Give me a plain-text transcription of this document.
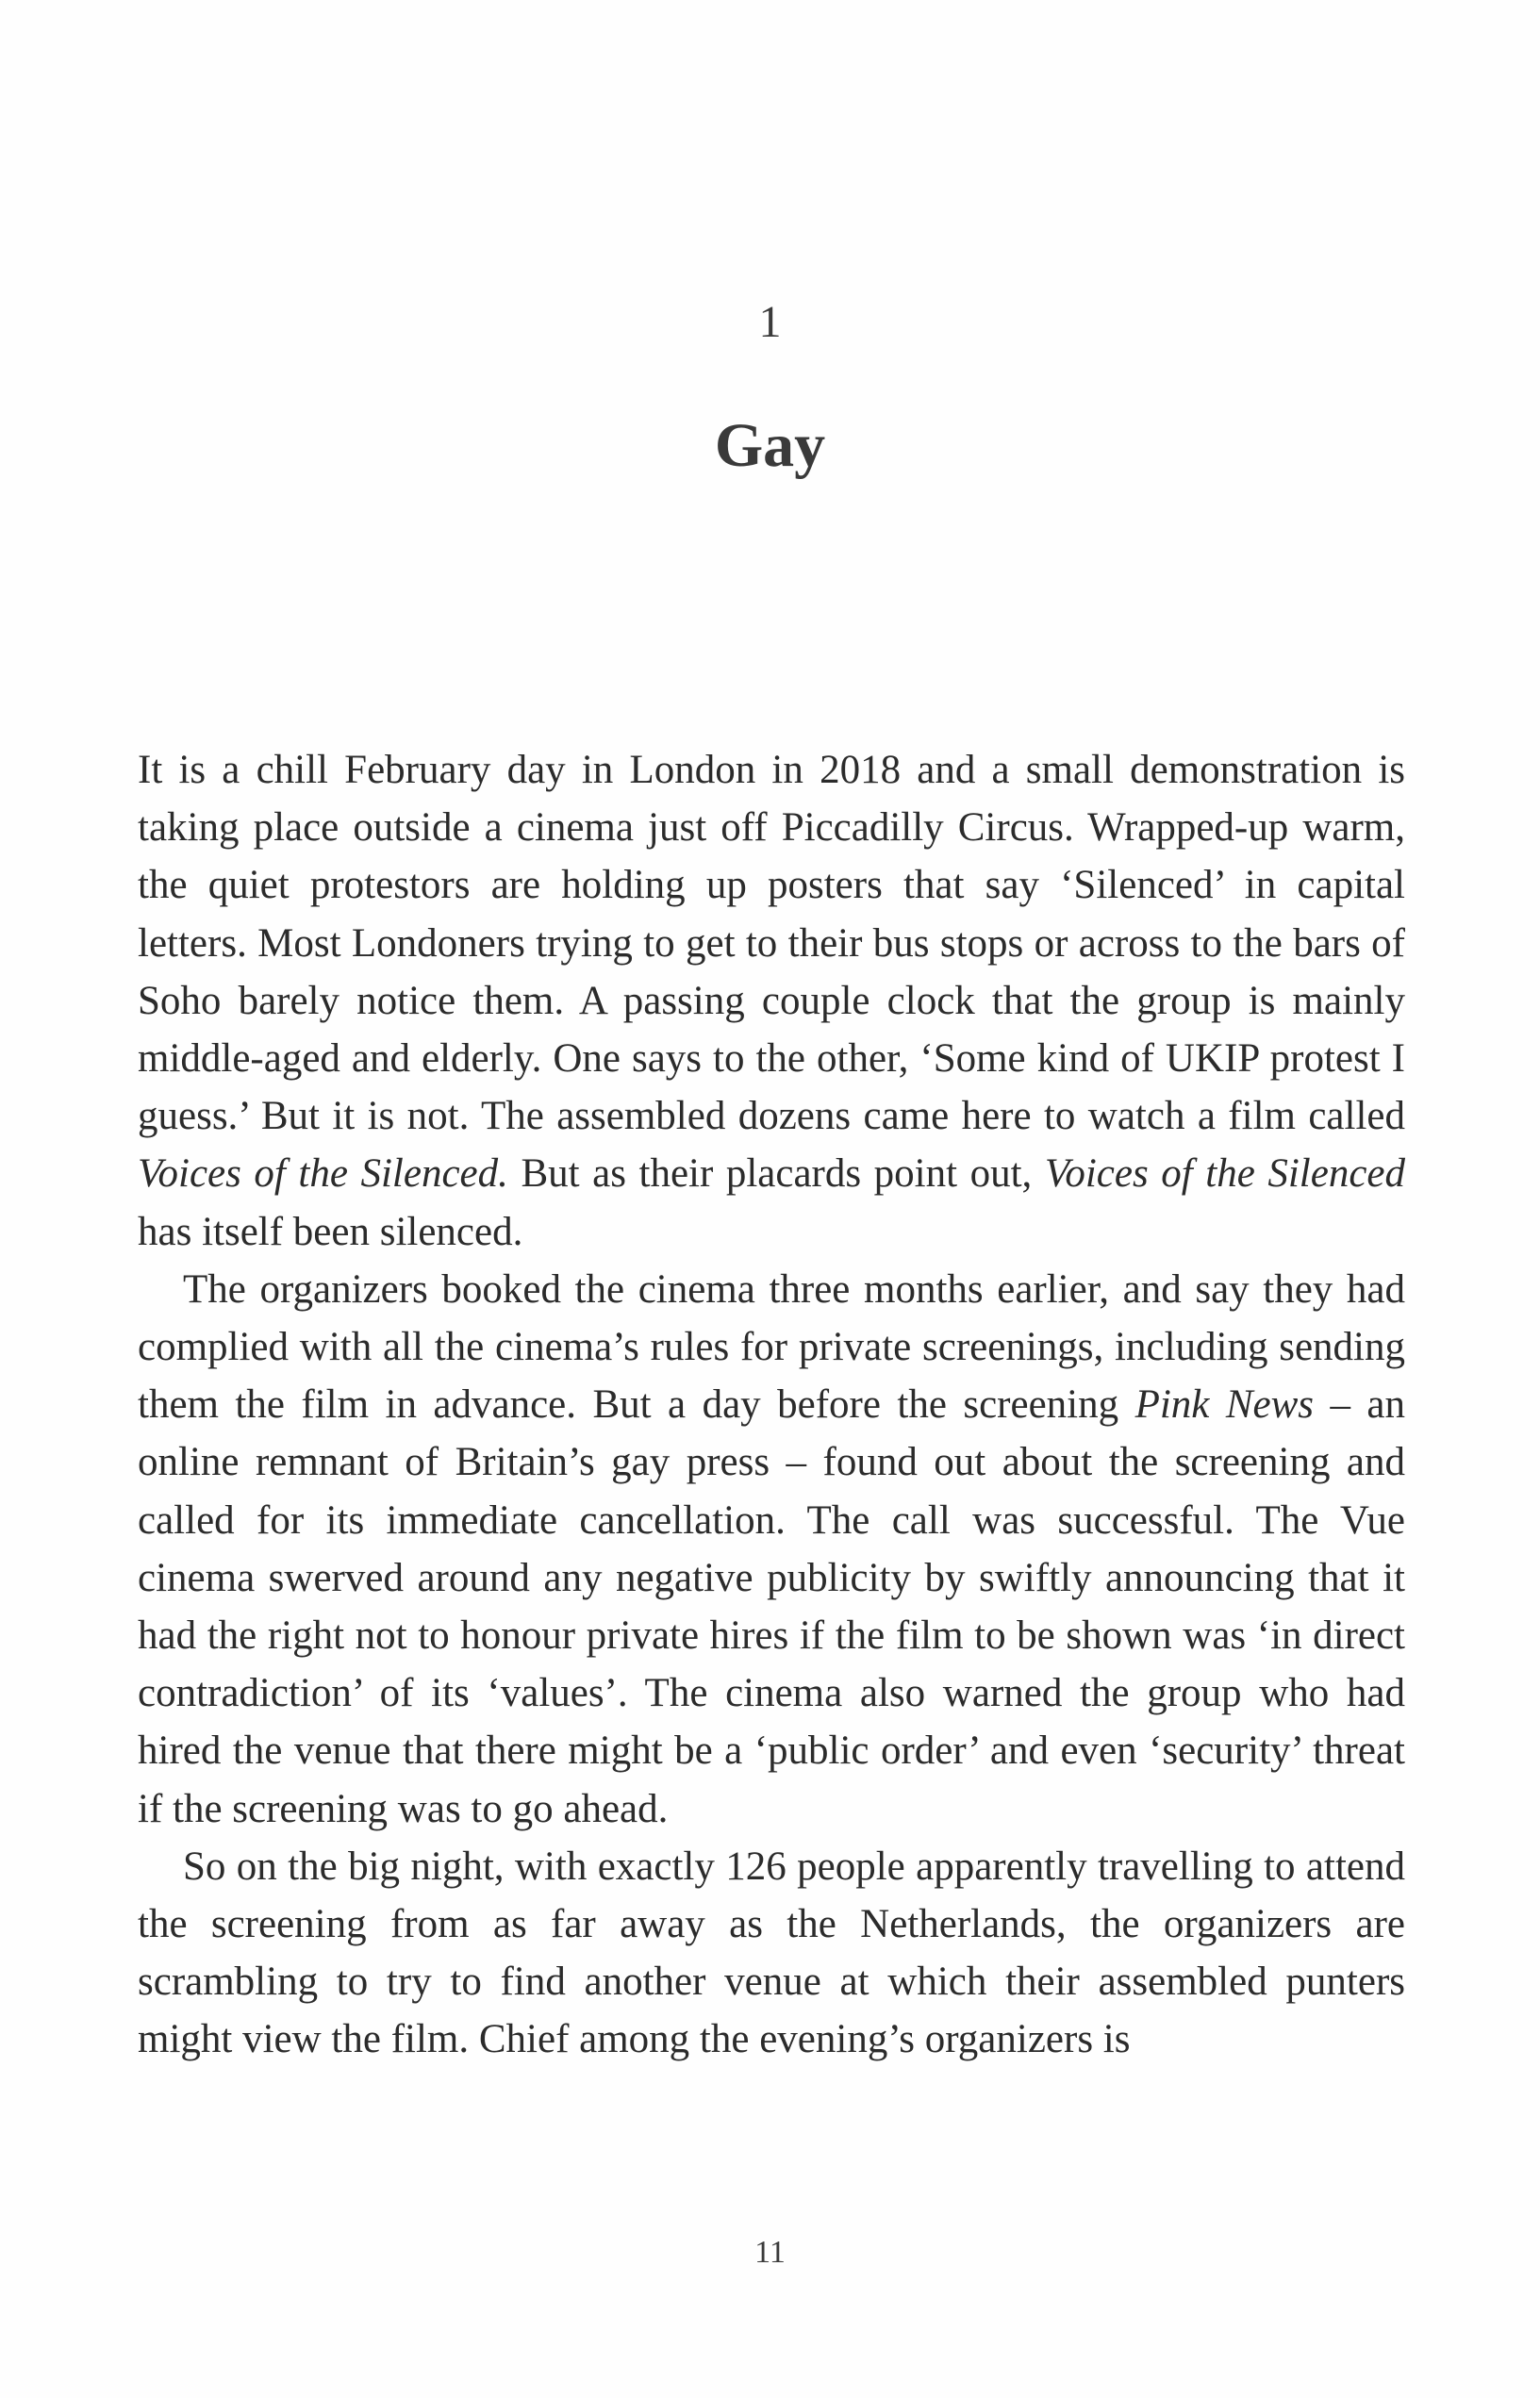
1
Gay

It is a chill February day in London in 2018 and a small demonstration is taking place outside a cinema just off Piccadilly Circus. Wrapped-up warm, the quiet protestors are holding up posters that say ‘Silenced’ in capital letters. Most Londoners trying to get to their bus stops or across to the bars of Soho barely notice them. A passing couple clock that the group is mainly middle-aged and elderly. One says to the other, ‘Some kind of UKIP protest I guess.’ But it is not. The assembled dozens came here to watch a film called Voices of the Silenced. But as their placards point out, Voices of the Silenced has itself been silenced.

The organizers booked the cinema three months earlier, and say they had complied with all the cinema’s rules for private screenings, including sending them the film in advance. But a day before the screening Pink News – an online remnant of Britain’s gay press – found out about the screening and called for its immediate cancellation. The call was successful. The Vue cinema swerved around any negative publicity by swiftly announcing that it had the right not to honour private hires if the film to be shown was ‘in direct contradiction’ of its ‘values’. The cinema also warned the group who had hired the venue that there might be a ‘public order’ and even ‘security’ threat if the screening was to go ahead.

So on the big night, with exactly 126 people apparently travelling to attend the screening from as far away as the Netherlands, the organizers are scrambling to try to find another venue at which their assembled punters might view the film. Chief among the evening’s organizers is

11
